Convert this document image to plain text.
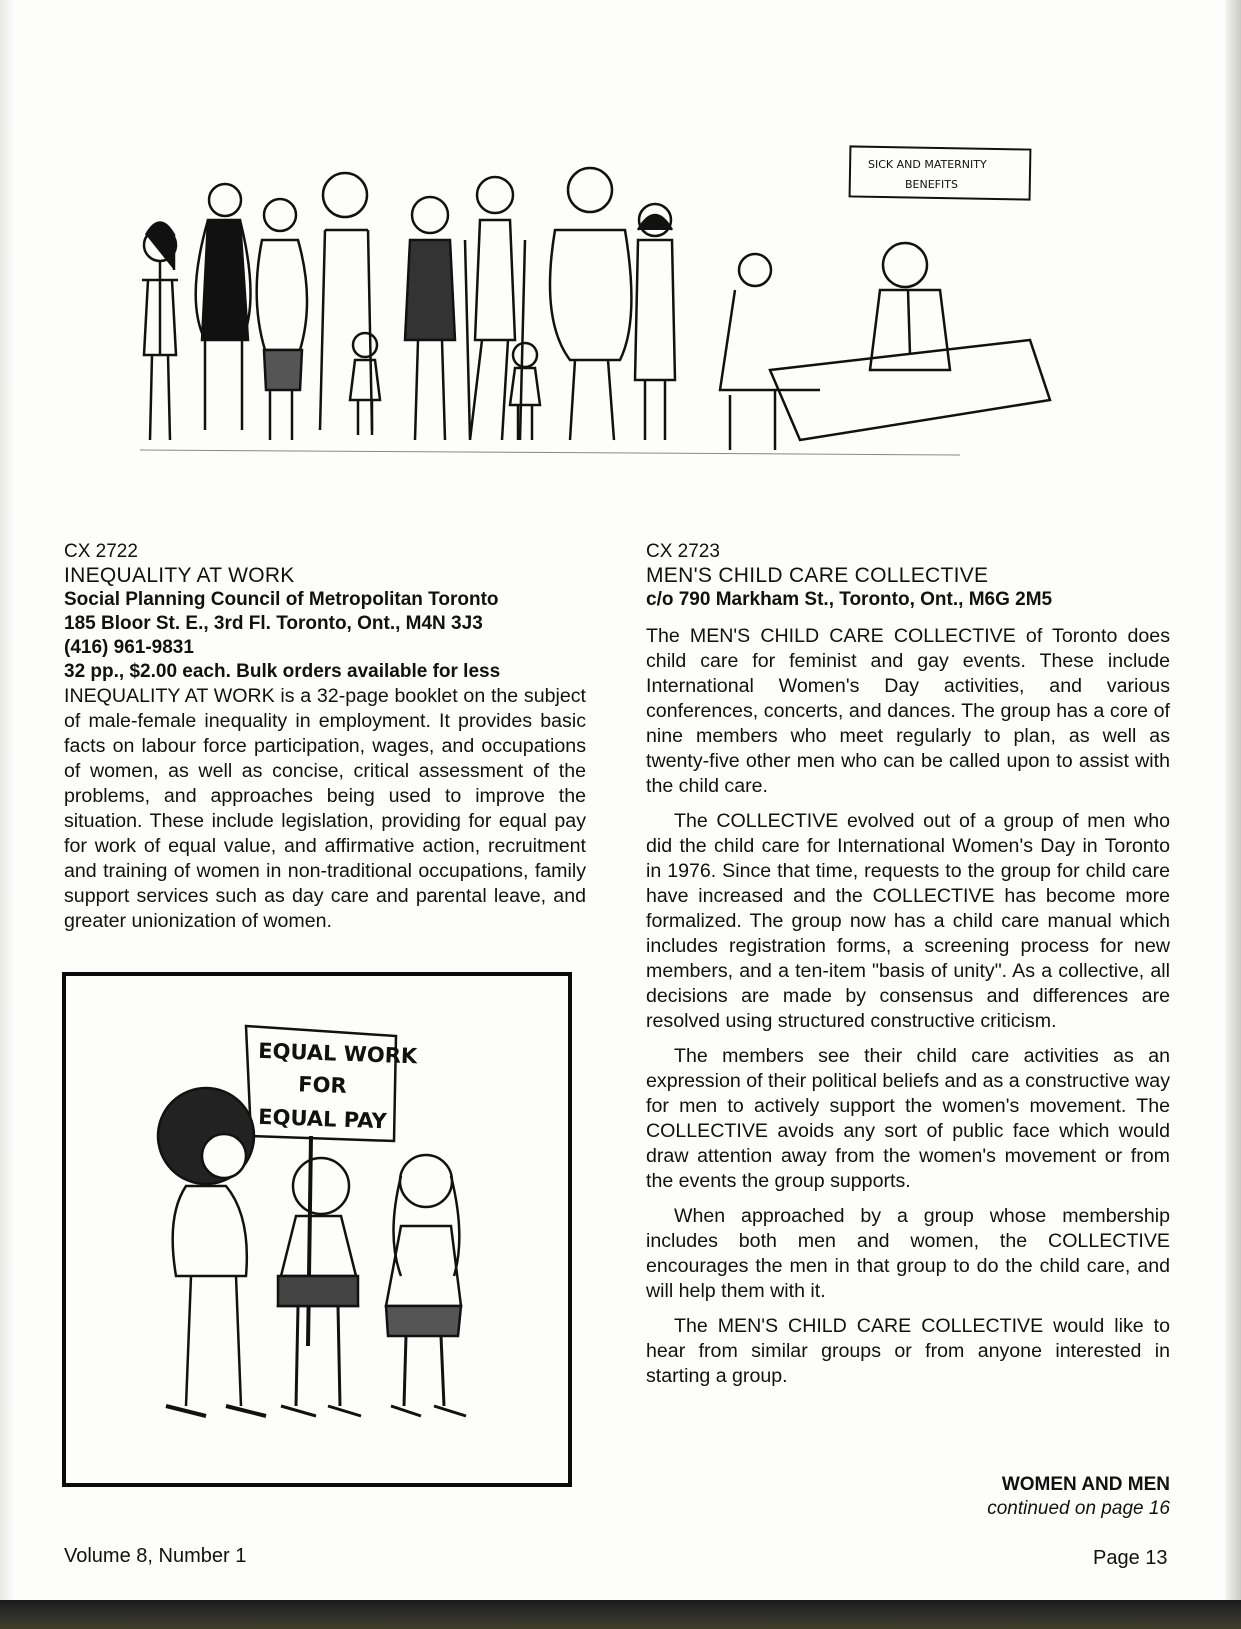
SICK AND MATERNITY
BENEFITS

CX 2722

INEQUALITY AT WORK

Social Planning Council of Metropolitan Toronto

185 Bloor St. E., 3rd Fl. Toronto, Ont., M4N 3J3

(416) 961-9831

32 pp., $2.00 each. Bulk orders available for less

INEQUALITY AT WORK is a 32-page booklet on the subject of male-female inequality in employment. It provides basic facts on labour force participation, wages, and occupations of women, as well as concise, critical assessment of the problems, and approaches being used to improve the situation. These include legislation, providing for equal pay for work of equal value, and affirmative action, recruitment and training of women in non-traditional occupations, family support services such as day care and parental leave, and greater unionization of women.

EQUAL WORK
FOR
EQUAL PAY

CX 2723

MEN'S CHILD CARE COLLECTIVE

c/o 790 Markham St., Toronto, Ont., M6G 2M5

The MEN'S CHILD CARE COLLECTIVE of Toronto does child care for feminist and gay events. These include International Women's Day activities, and various conferences, concerts, and dances. The group has a core of nine members who meet regularly to plan, as well as twenty-five other men who can be called upon to assist with the child care.

The COLLECTIVE evolved out of a group of men who did the child care for International Women's Day in Toronto in 1976. Since that time, requests to the group for child care have increased and the COLLECTIVE has become more formalized. The group now has a child care manual which includes registration forms, a screening process for new members, and a ten-item "basis of unity". As a collective, all decisions are made by consensus and differences are resolved using structured constructive criticism.

The members see their child care activities as an expression of their political beliefs and as a constructive way for men to actively support the women's movement. The COLLECTIVE avoids any sort of public face which would draw attention away from the women's movement or from the events the group supports.

When approached by a group whose membership includes both men and women, the COLLECTIVE encourages the men in that group to do the child care, and will help them with it.

The MEN'S CHILD CARE COLLECTIVE would like to hear from similar groups or from anyone interested in starting a group.

WOMEN AND MEN
continued on page 16
Volume 8, Number 1	Page 13
